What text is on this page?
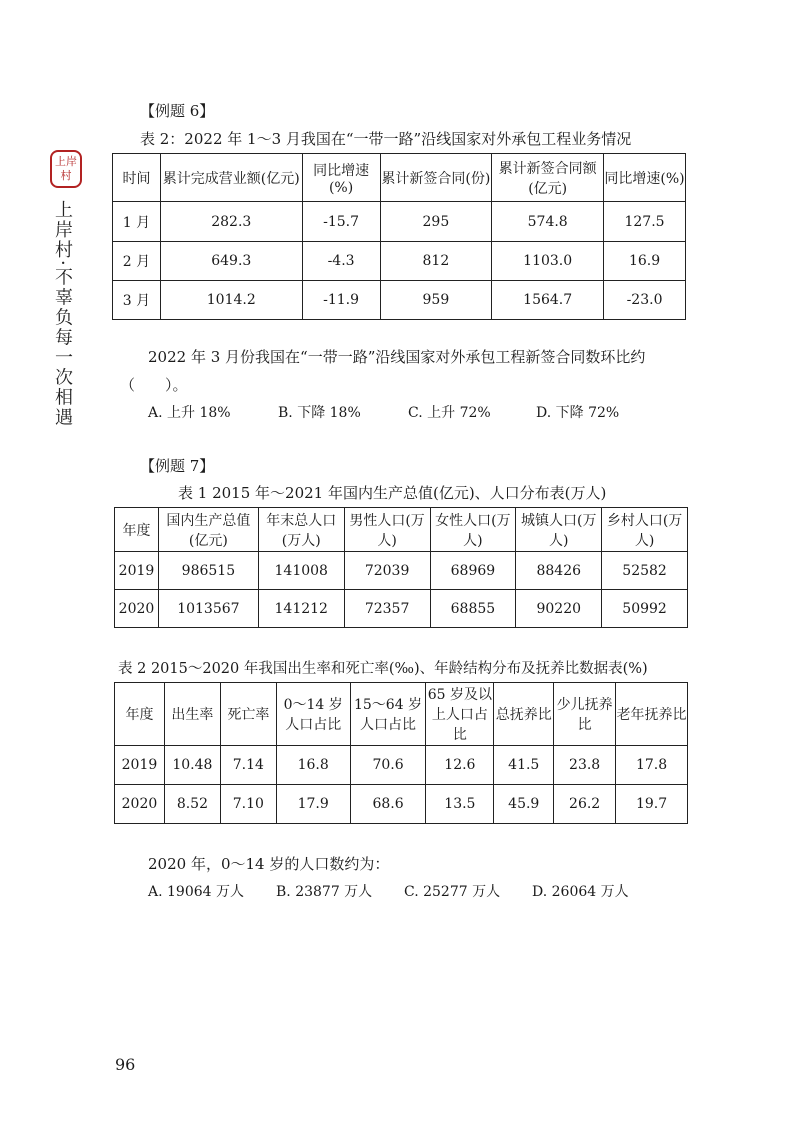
上岸
村
上岸村·不辜负每一次相遇
【例题 6】
表 2：2022 年 1～3 月我国在“一带一路”沿线国家对外承包工程业务情况
时间	累计完成营业额(亿元)	同比增速(%)	累计新签合同(份)	累计新签合同额(亿元)	同比增速(%)
1 月	282.3	-15.7	295	574.8	127.5
2 月	649.3	-4.3	812	1103.0	16.9
3 月	1014.2	-11.9	959	1564.7	-23.0
2022 年 3 月份我国在“一带一路”沿线国家对外承包工程新签合同数环比约
（　　）。
A. 上升 18%	B. 下降 18%	C. 上升 72%	D. 下降 72%
【例题 7】
表 1 2015 年～2021 年国内生产总值(亿元)、人口分布表(万人)
年度	国内生产总值(亿元)	年末总人口(万人)	男性人口(万人)	女性人口(万人)	城镇人口(万人)	乡村人口(万人)
2019	986515	141008	72039	68969	88426	52582
2020	1013567	141212	72357	68855	90220	50992
表 2 2015～2020 年我国出生率和死亡率(‰)、年龄结构分布及抚养比数据表(%)
年度	出生率	死亡率	0～14 岁人口占比	15～64 岁人口占比	65 岁及以上人口占比	总抚养比	少儿抚养比	老年抚养比
2019	10.48	7.14	16.8	70.6	12.6	41.5	23.8	17.8
2020	8.52	7.10	17.9	68.6	13.5	45.9	26.2	19.7
2020 年，0～14 岁的人口数约为：
A. 19064 万人 B. 23877 万人 C. 25277 万人 D. 26064 万人
96
